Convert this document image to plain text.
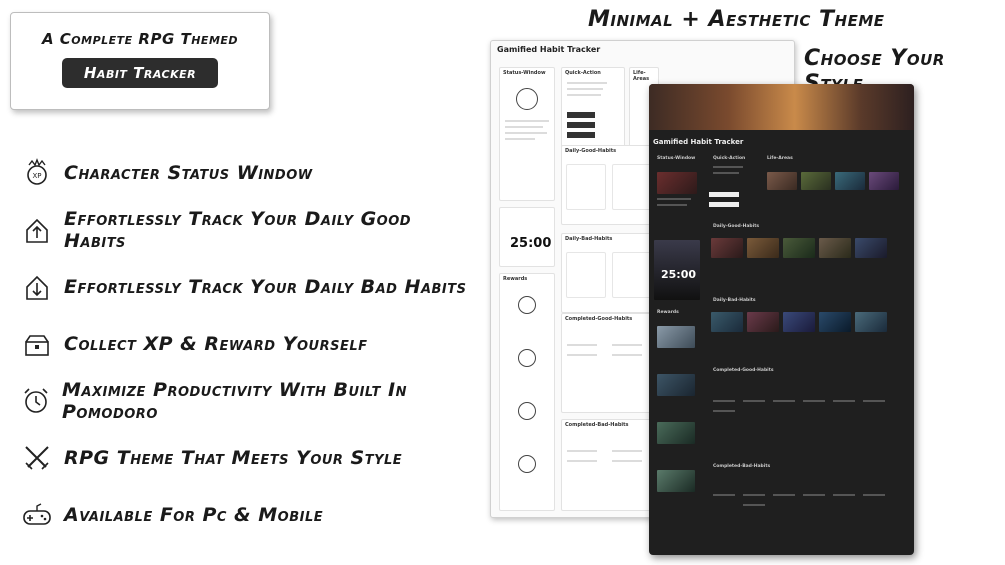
A Complete RPG Themed
Habit Tracker
XP Character Status Window
Effortlessly Track Your Daily Good Habits
Effortlessly Track Your Daily Bad Habits
Collect XP & Reward Yourself
Maximize Productivity With Built In Pomodoro
RPG Theme That Meets Your Style
Available For Pc & Mobile
Minimal + Aesthetic Theme
Choose Your
Gamified Habit Tracker
Status-Window
25:00
Rewards
Quick-Action	Life-Areas
Daily-Good-Habits
Daily-Bad-Habits
Completed-Good-Habits
Completed-Bad-Habits
Gamified Habit Tracker
Status-Window
25:00
Rewards
Quick-Action	Life-Areas
Daily-Good-Habits
Daily-Bad-Habits
Completed-Good-Habits
Completed-Bad-Habits
